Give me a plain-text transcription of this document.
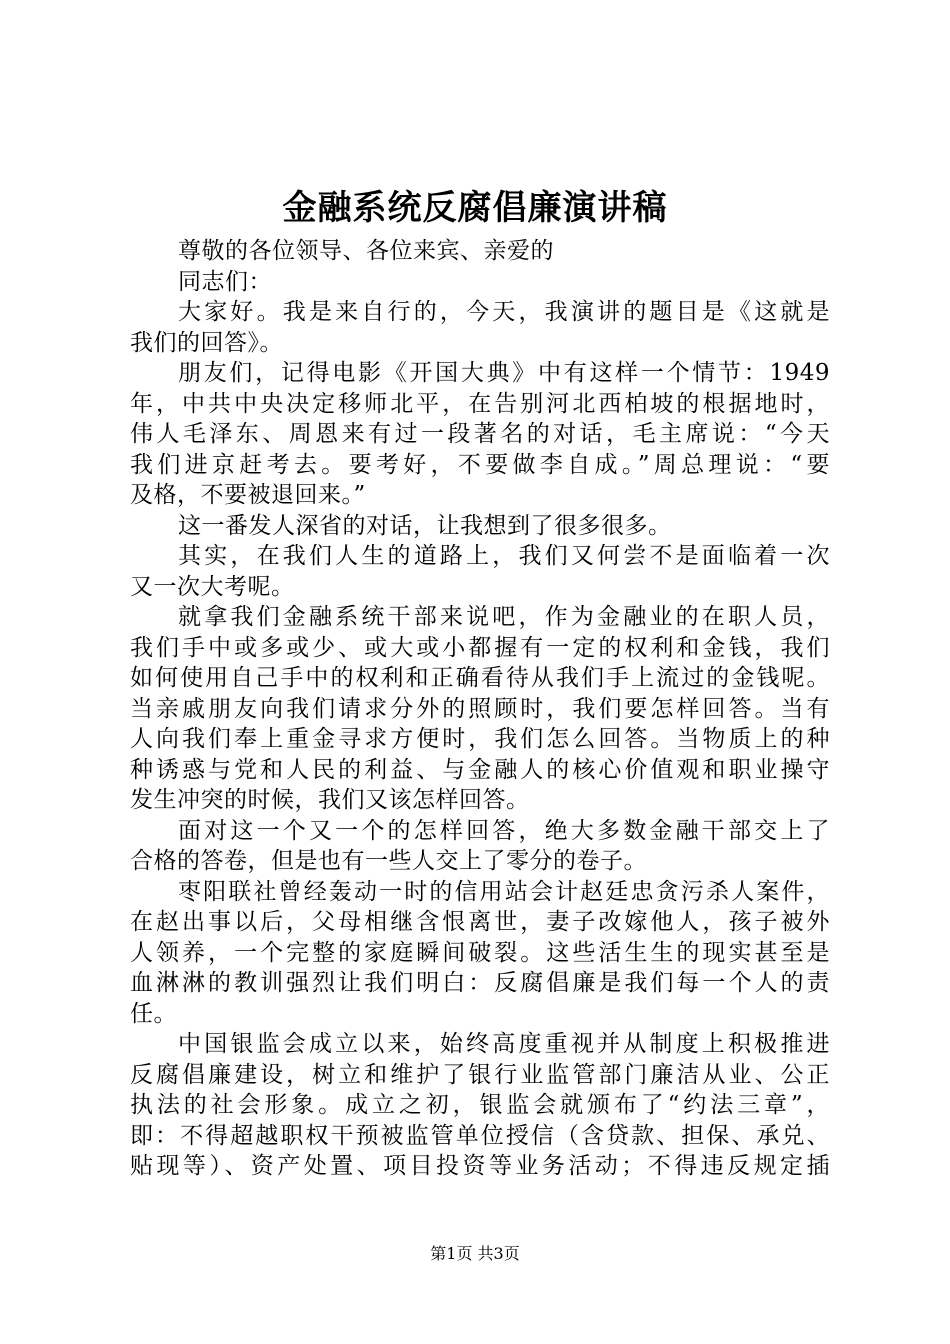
金融系统反腐倡廉演讲稿
尊敬的各位领导、各位来宾、亲爱的
同志们：
大家好。我是来自行的，今天，我演讲的题目是《这就是
我们的回答》。
朋友们，记得电影《开国大典》中有这样一个情节：1949
年，中共中央决定移师北平，在告别河北西柏坡的根据地时，
伟人毛泽东、周恩来有过一段著名的对话，毛主席说：“今天
我们进京赶考去。要考好，不要做李自成。”周总理说：“要
及格，不要被退回来。”
这一番发人深省的对话，让我想到了很多很多。
其实，在我们人生的道路上，我们又何尝不是面临着一次
又一次大考呢。
就拿我们金融系统干部来说吧，作为金融业的在职人员，
我们手中或多或少、或大或小都握有一定的权利和金钱，我们
如何使用自己手中的权利和正确看待从我们手上流过的金钱呢。
当亲戚朋友向我们请求分外的照顾时，我们要怎样回答。当有
人向我们奉上重金寻求方便时，我们怎么回答。当物质上的种
种诱惑与党和人民的利益、与金融人的核心价值观和职业操守
发生冲突的时候，我们又该怎样回答。
面对这一个又一个的怎样回答，绝大多数金融干部交上了
合格的答卷，但是也有一些人交上了零分的卷子。
枣阳联社曾经轰动一时的信用站会计赵廷忠贪污杀人案件，
在赵出事以后，父母相继含恨离世，妻子改嫁他人，孩子被外
人领养，一个完整的家庭瞬间破裂。这些活生生的现实甚至是
血淋淋的教训强烈让我们明白：反腐倡廉是我们每一个人的责
任。
中国银监会成立以来，始终高度重视并从制度上积极推进
反腐倡廉建设，树立和维护了银行业监管部门廉洁从业、公正
执法的社会形象。成立之初，银监会就颁布了“约法三章”，
即：不得超越职权干预被监管单位授信（含贷款、担保、承兑、
贴现等）、资产处置、项目投资等业务活动；不得违反规定插
第1页 共3页
